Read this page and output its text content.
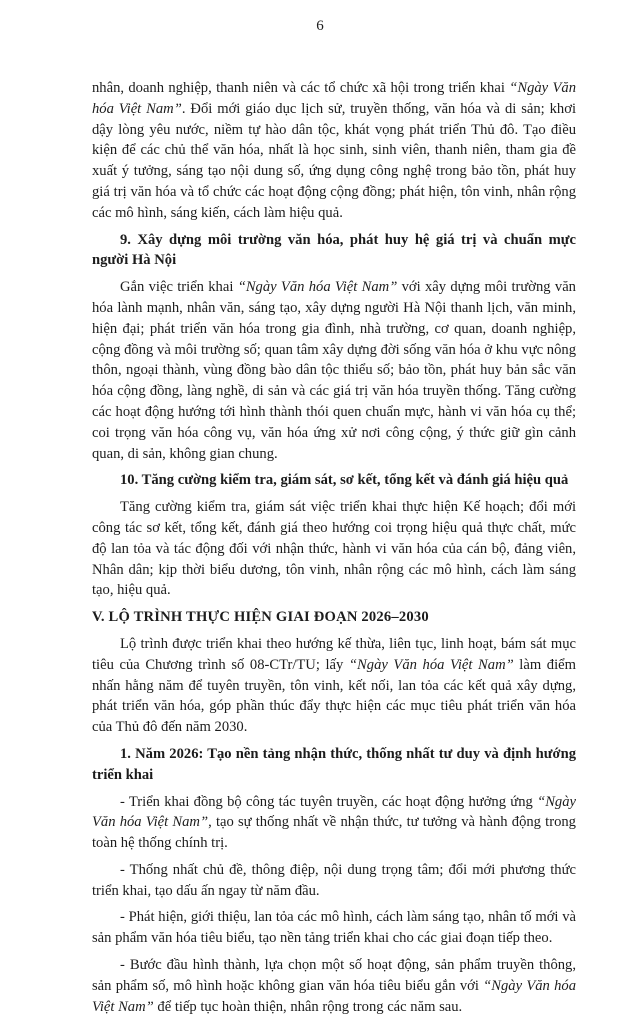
6

nhân, doanh nghiệp, thanh niên và các tổ chức xã hội trong triển khai “Ngày Văn hóa Việt Nam”. Đổi mới giáo dục lịch sử, truyền thống, văn hóa và di sản; khơi dậy lòng yêu nước, niềm tự hào dân tộc, khát vọng phát triển Thủ đô. Tạo điều kiện để các chủ thể văn hóa, nhất là học sinh, sinh viên, thanh niên, tham gia đề xuất ý tưởng, sáng tạo nội dung số, ứng dụng công nghệ trong bảo tồn, phát huy giá trị văn hóa và tổ chức các hoạt động cộng đồng; phát hiện, tôn vinh, nhân rộng các mô hình, sáng kiến, cách làm hiệu quả.

9. Xây dựng môi trường văn hóa, phát huy hệ giá trị và chuẩn mực người Hà Nội

Gắn việc triển khai “Ngày Văn hóa Việt Nam” với xây dựng môi trường văn hóa lành mạnh, nhân văn, sáng tạo, xây dựng người Hà Nội thanh lịch, văn minh, hiện đại; phát triển văn hóa trong gia đình, nhà trường, cơ quan, doanh nghiệp, cộng đồng và môi trường số; quan tâm xây dựng đời sống văn hóa ở khu vực nông thôn, ngoại thành, vùng đồng bào dân tộc thiểu số; bảo tồn, phát huy bản sắc văn hóa cộng đồng, làng nghề, di sản và các giá trị văn hóa truyền thống. Tăng cường các hoạt động hướng tới hình thành thói quen chuẩn mực, hành vi văn hóa cụ thể; coi trọng văn hóa công vụ, văn hóa ứng xử nơi công cộng, ý thức giữ gìn cảnh quan, di sản, không gian chung.

10. Tăng cường kiểm tra, giám sát, sơ kết, tổng kết và đánh giá hiệu quả

Tăng cường kiểm tra, giám sát việc triển khai thực hiện Kế hoạch; đổi mới công tác sơ kết, tổng kết, đánh giá theo hướng coi trọng hiệu quả thực chất, mức độ lan tỏa và tác động đối với nhận thức, hành vi văn hóa của cán bộ, đảng viên, Nhân dân; kịp thời biểu dương, tôn vinh, nhân rộng các mô hình, cách làm sáng tạo, hiệu quả.

V. LỘ TRÌNH THỰC HIỆN GIAI ĐOẠN 2026–2030

Lộ trình được triển khai theo hướng kế thừa, liên tục, linh hoạt, bám sát mục tiêu của Chương trình số 08-CTr/TU; lấy “Ngày Văn hóa Việt Nam” làm điểm nhấn hằng năm để tuyên truyền, tôn vinh, kết nối, lan tỏa các kết quả xây dựng, phát triển văn hóa, góp phần thúc đẩy thực hiện các mục tiêu phát triển văn hóa của Thủ đô đến năm 2030.

1. Năm 2026: Tạo nền tảng nhận thức, thống nhất tư duy và định hướng triển khai

- Triển khai đồng bộ công tác tuyên truyền, các hoạt động hưởng ứng “Ngày Văn hóa Việt Nam”, tạo sự thống nhất về nhận thức, tư tưởng và hành động trong toàn hệ thống chính trị.

- Thống nhất chủ đề, thông điệp, nội dung trọng tâm; đổi mới phương thức triển khai, tạo dấu ấn ngay từ năm đầu.

- Phát hiện, giới thiệu, lan tỏa các mô hình, cách làm sáng tạo, nhân tố mới và sản phẩm văn hóa tiêu biểu, tạo nền tảng triển khai cho các giai đoạn tiếp theo.

- Bước đầu hình thành, lựa chọn một số hoạt động, sản phẩm truyền thông, sản phẩm số, mô hình hoặc không gian văn hóa tiêu biểu gắn với “Ngày Văn hóa Việt Nam” để tiếp tục hoàn thiện, nhân rộng trong các năm sau.
